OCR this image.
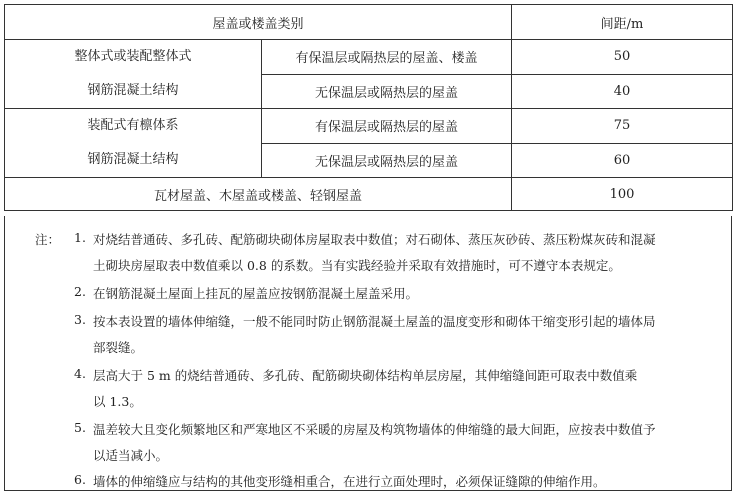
屋盖或楼盖类别		间距/m

整体式或装配整体式
钢筋混凝土结构	有保温层或隔热层的屋盖、楼盖	50
	无保温层或隔热层的屋盖	40

装配式有檩体系
钢筋混凝土结构	有保温层或隔热层的屋盖	75
	无保温层或隔热层的屋盖	60
瓦材屋盖、木屋盖或楼盖、轻钢屋盖		100
注： 1. 对烧结普通砖、多孔砖、配筋砌块砌体房屋取表中数值；对石砌体、蒸压灰砂砖、蒸压粉煤灰砖和混凝
土砌块房屋取表中数值乘以 0.8 的系数。当有实践经验并采取有效措施时，可不遵守本表规定。
2. 在钢筋混凝土屋面上挂瓦的屋盖应按钢筋混凝土屋盖采用。
3. 按本表设置的墙体伸缩缝，一般不能同时防止钢筋混凝土屋盖的温度变形和砌体干缩变形引起的墙体局
部裂缝。
4. 层高大于 5 m 的烧结普通砖、多孔砖、配筋砌块砌体结构单层房屋，其伸缩缝间距可取表中数值乘
以 1.3。
5. 温差较大且变化频繁地区和严寒地区不采暖的房屋及构筑物墙体的伸缩缝的最大间距，应按表中数值予
以适当减小。
6. 墙体的伸缩缝应与结构的其他变形缝相重合，在进行立面处理时，必须保证缝隙的伸缩作用。
